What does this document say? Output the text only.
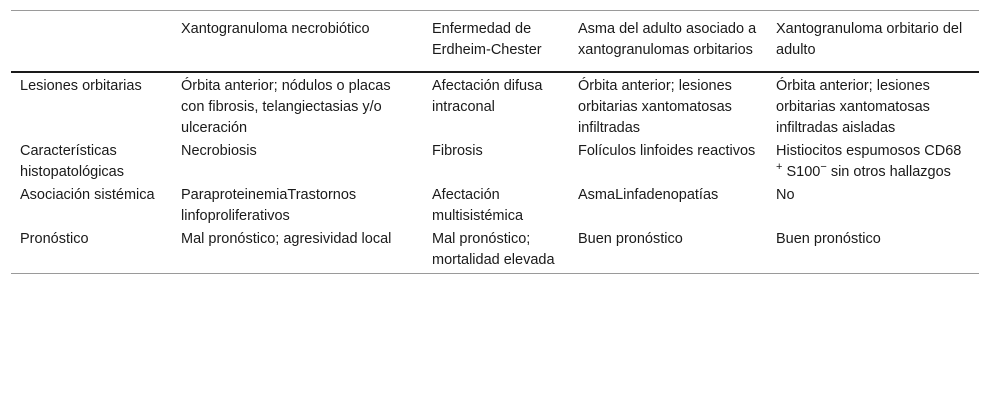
	Xantogranuloma necrobiótico	Enfermedad de Erdheim-Chester	Asma del adulto asociado a xantogranulomas orbitarios	Xantogranuloma orbitario del adulto
Lesiones orbitarias	Órbita anterior; nódulos o placas con fibrosis, telangiectasias y/o ulceración	Afectación difusa intraconal	Órbita anterior; lesiones orbitarias xantomatosas infiltradas	Órbita anterior; lesiones orbitarias xantomatosas infiltradas aisladas
Características histopatológicas	Necrobiosis	Fibrosis	Folículos linfoides reactivos	Histiocitos espumosos CD68 + S100− sin otros hallazgos
Asociación sistémica	ParaproteinemiaTrastornos linfoproliferativos	Afectación multisistémica	AsmaLinfadenopatías	No
Pronóstico	Mal pronóstico; agresividad local	Mal pronóstico; mortalidad elevada	Buen pronóstico	Buen pronóstico
